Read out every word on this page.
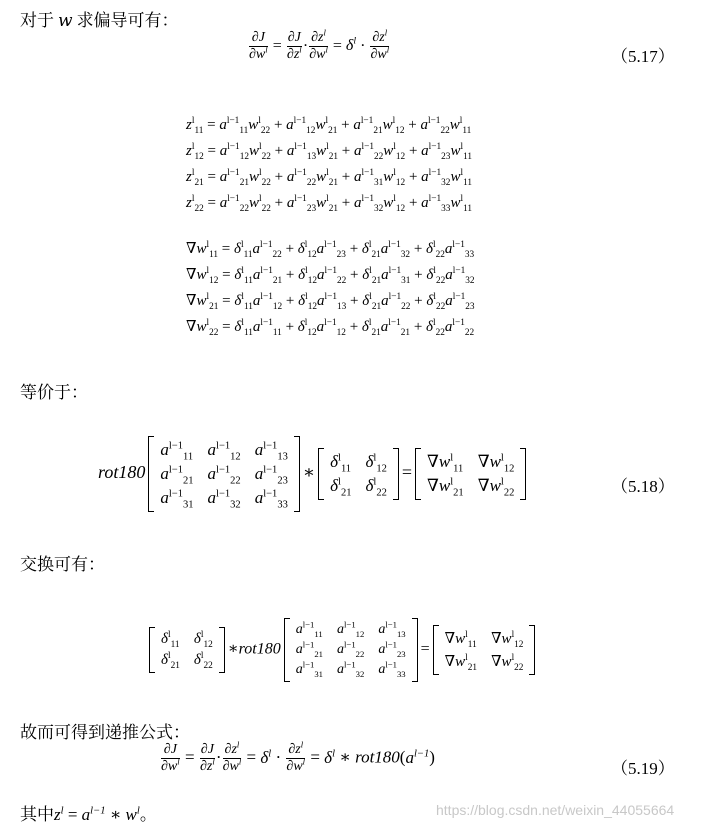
对于 w 求偏导可有：
$\frac{\partial J}{\partial w^l} = \frac{\partial J}{\partial z^l} \cdot \frac{\partial z^l}{\partial w^l} = \delta^l \cdot \frac{\partial z^l}{\partial w^l}$	（5.17）
$z^l_{11} = a^{l-1}_{11}w^l_{22} + a^{l-1}_{12}w^l_{21} + a^{l-1}_{21}w^l_{12} + a^{l-1}_{22}w^l_{11}$
$z^l_{12} = a^{l-1}_{12}w^l_{22} + a^{l-1}_{13}w^l_{21} + a^{l-1}_{22}w^l_{12} + a^{l-1}_{23}w^l_{11}$
$z^l_{21} = a^{l-1}_{21}w^l_{22} + a^{l-1}_{22}w^l_{21} + a^{l-1}_{31}w^l_{12} + a^{l-1}_{32}w^l_{11}$
$z^l_{22} = a^{l-1}_{22}w^l_{22} + a^{l-1}_{23}w^l_{21} + a^{l-1}_{32}w^l_{12} + a^{l-1}_{33}w^l_{11}$
$\nabla w^l_{11} = \delta^l_{11}a^{l-1}_{22} + \delta^l_{12}a^{l-1}_{23} + \delta^l_{21}a^{l-1}_{32} + \delta^l_{22}a^{l-1}_{33}$
$\nabla w^l_{12} = \delta^l_{11}a^{l-1}_{21} + \delta^l_{12}a^{l-1}_{22} + \delta^l_{21}a^{l-1}_{31} + \delta^l_{22}a^{l-1}_{32}$
$\nabla w^l_{21} = \delta^l_{11}a^{l-1}_{12} + \delta^l_{12}a^{l-1}_{13} + \delta^l_{21}a^{l-1}_{22} + \delta^l_{22}a^{l-1}_{23}$
$\nabla w^l_{22} = \delta^l_{11}a^{l-1}_{11} + \delta^l_{12}a^{l-1}_{12} + \delta^l_{21}a^{l-1}_{21} + \delta^l_{22}a^{l-1}_{22}$
等价于：
rot180
$a^{l-1}_{11}$	$a^{l-1}_{12}$	$a^{l-1}_{13}$
$a^{l-1}_{21}$	$a^{l-1}_{22}$	$a^{l-1}_{23}$
$a^{l-1}_{31}$	$a^{l-1}_{32}$	$a^{l-1}_{33}$
∗
$\delta^l_{11}$	$\delta^l_{12}$
$\delta^l_{21}$	$\delta^l_{22}$
=
$\nabla w^l_{11}$	$\nabla w^l_{12}$
$\nabla w^l_{21}$	$\nabla w^l_{22}$	（5.18）
交换可有：
$\delta^l_{11}$	$\delta^l_{12}$
$\delta^l_{21}$	$\delta^l_{22}$
∗rot180
$a^{l-1}_{11}$	$a^{l-1}_{12}$	$a^{l-1}_{13}$
$a^{l-1}_{21}$	$a^{l-1}_{22}$	$a^{l-1}_{23}$
$a^{l-1}_{31}$	$a^{l-1}_{32}$	$a^{l-1}_{33}$
=
$\nabla w^l_{11}$	$\nabla w^l_{12}$
$\nabla w^l_{21}$	$\nabla w^l_{22}$
故而可得到递推公式：
$\frac{\partial J}{\partial w^l} = \frac{\partial J}{\partial z^l} \cdot \frac{\partial z^l}{\partial w^l} = \delta^l \cdot \frac{\partial z^l}{\partial w^l} = \delta^l$ ∗ $rot180(a^{l-1})$
（5.19）
其中$z^l = a^{l-1}$ ∗ $w^l$。	https://blog.csdn.net/weixin_44055664
